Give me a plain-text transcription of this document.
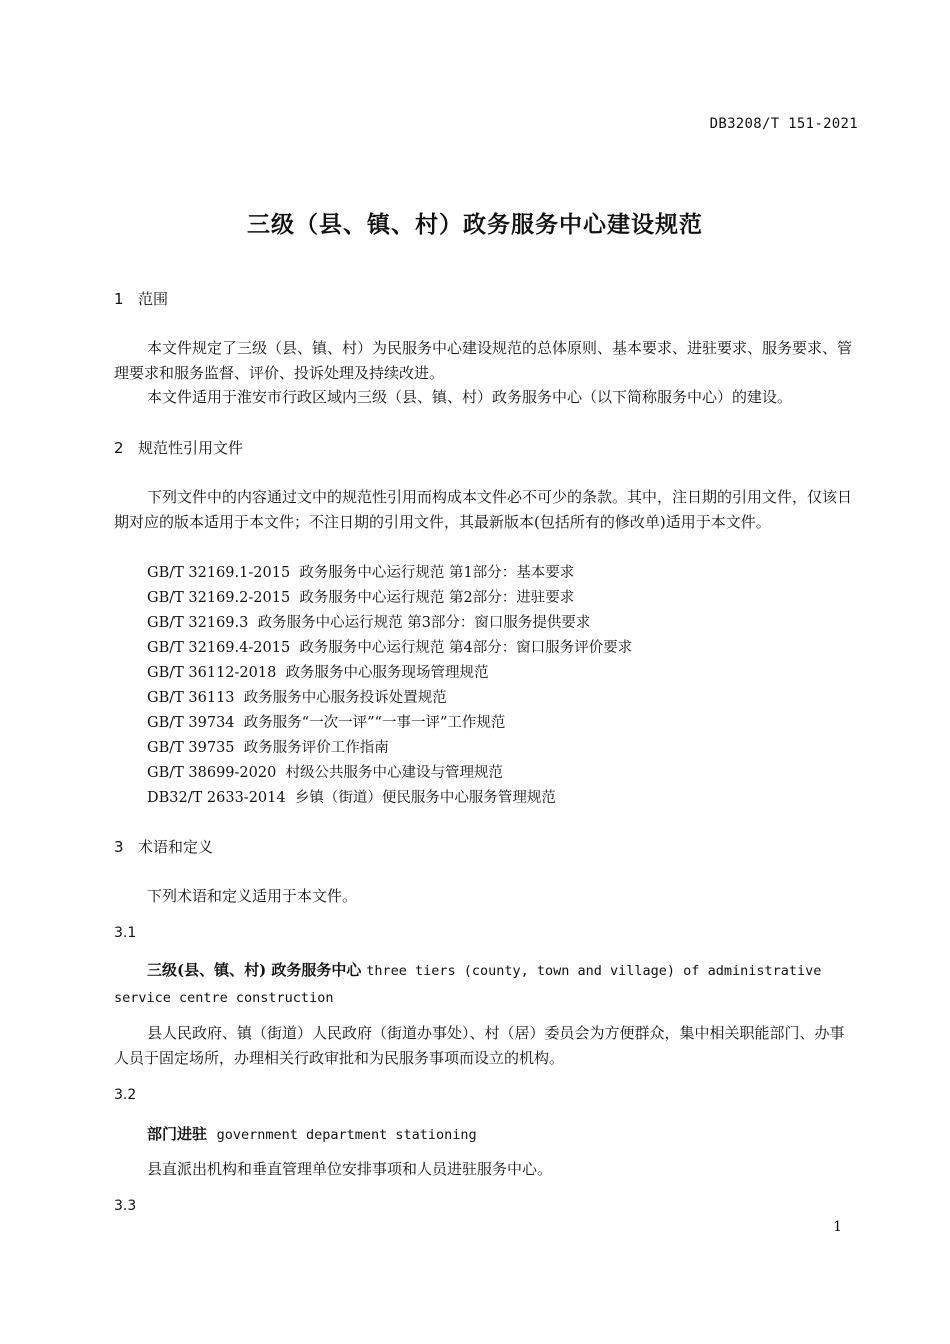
DB3208/T 151-2021
三级（县、镇、村）政务服务中心建设规范
1 范围
本文件规定了三级（县、镇、村）为民服务中心建设规范的总体原则、基本要求、进驻要求、服务要求、管理要求和服务监督、评价、投诉处理及持续改进。
本文件适用于淮安市行政区域内三级（县、镇、村）政务服务中心（以下简称服务中心）的建设。
2 规范性引用文件
下列文件中的内容通过文中的规范性引用而构成本文件必不可少的条款。其中，注日期的引用文件，仅该日期对应的版本适用于本文件；不注日期的引用文件，其最新版本(包括所有的修改单)适用于本文件。
GB/T 32169.1-2015 政务服务中心运行规范 第1部分：基本要求
GB/T 32169.2-2015 政务服务中心运行规范 第2部分：进驻要求
GB/T 32169.3 政务服务中心运行规范 第3部分：窗口服务提供要求
GB/T 32169.4-2015 政务服务中心运行规范 第4部分：窗口服务评价要求
GB/T 36112-2018 政务服务中心服务现场管理规范
GB/T 36113 政务服务中心服务投诉处置规范
GB/T 39734 政务服务“一次一评”“一事一评”工作规范
GB/T 39735 政务服务评价工作指南
GB/T 38699-2020 村级公共服务中心建设与管理规范
DB32/T 2633-2014 乡镇（街道）便民服务中心服务管理规范
3 术语和定义
下列术语和定义适用于本文件。
3.1
三级(县、镇、村) 政务服务中心 three tiers (county, town and village) of administrative service centre construction
县人民政府、镇（街道）人民政府（街道办事处）、村（居）委员会为方便群众，集中相关职能部门、办事人员于固定场所，办理相关行政审批和为民服务事项而设立的机构。
3.2
部门进驻 government department stationing
县直派出机构和垂直管理单位安排事项和人员进驻服务中心。
3.3
1
